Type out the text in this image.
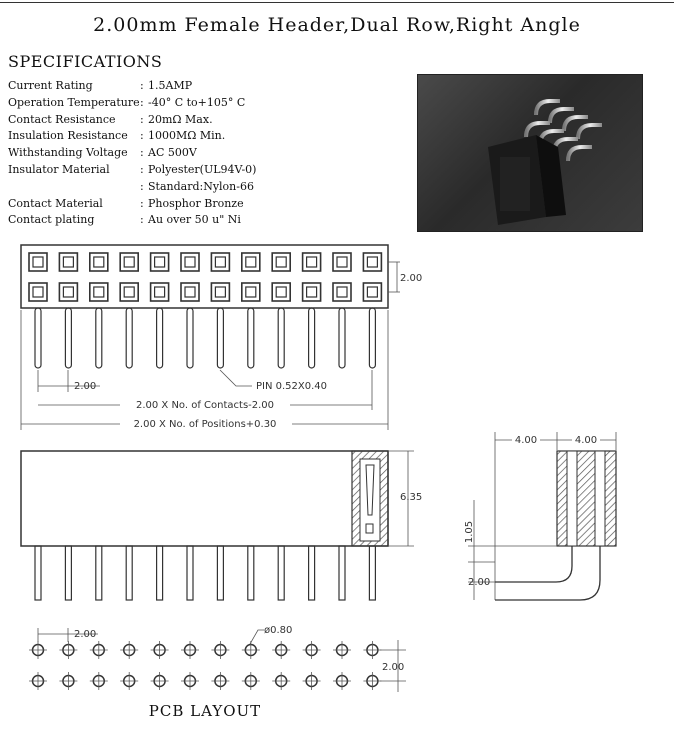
2.00mm Female Header,Dual Row,Right Angle
SPECIFICATIONS
Current Rating	: 1.5AMP
Operation Temperature : -40° C to+105° C
Contact Resistance	: 20mΩ Max.
Insulation Resistance	: 1000MΩ Min.
Withstanding Voltage	: AC 500V
Insulator Material	: Polyester(UL94V-0)
: Standard:Nylon-66
Contact Material	: Phosphor Bronze
Contact plating	: Au over 50 u" Ni
2.00
2.00	PIN 0.52X0.40
2.00 X No. of Contacts-2.00
2.00 X No. of Positions+0.30
6.35
4.00	4.00
1.05
2.00
2.00	ø0.80
2.00
PCB LAYOUT
